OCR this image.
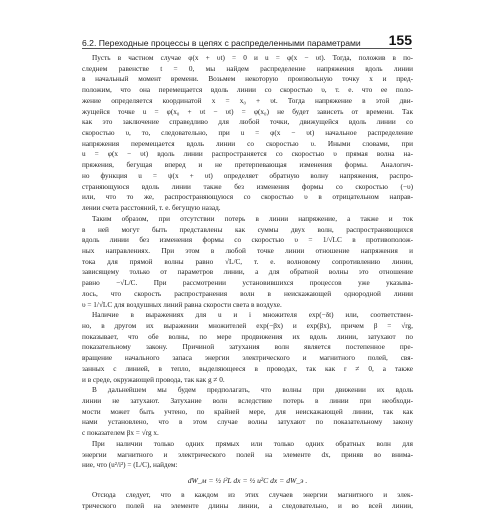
6.2. Переходные процессы в цепях с распределенными параметрами 155
Пусть в частном случае φ(x + υt) = 0 и u = φ(x − υt). Тогда, положив в по-
следнем равенстве t = 0, мы найдем распределение напряжения вдоль линии
в начальный момент времени. Возьмем некоторую произвольную точку x и пред-
положим, что она перемещается вдоль линии со скоростью υ, т. е. что ее поло-
жение определяется координатой x = x₀ + υt. Тогда напряжение в этой дви-
жущейся точке u = φ(x₀ + υt − υt) = φ(x₀) не будет зависеть от времени. Так
как это заключение справедливо для любой точки, движущейся вдоль линии со
скоростью υ, то, следовательно, при u = φ(x − υt) начальное распределение
напряжения перемещается вдоль линии со скоростью υ. Иными словами, при
u = φ(x − υt) вдоль линии распространяется со скоростью υ прямая волна на-
пряжения, бегущая вперед и не претерпевающая изменения формы. Аналогич-
но функция u = ψ(x + υt) определяет обратную волну напряжения, распро-
страняющуюся вдоль линии также без изменения формы со скоростью (−υ)
или, что то же, распространяющуюся со скоростью υ в отрицательном направ-
лении счета расстояний, т. е. бегущую назад.
Таким образом, при отсутствии потерь в линии напряжение, а также и ток
в ней могут быть представлены как суммы двух волн, распространяющихся
вдоль линии без изменения формы со скоростью υ = 1/√LC в противополож-
ных направлениях. При этом в любой точке линии отношение напряжения и
тока для прямой волны равно √L/C, т. е. волновому сопротивлению линии,
зависящему только от параметров линии, а для обратной волны это отношение
равно −√L/C. При рассмотрении установившихся процессов уже указыва-
лось, что скорость распространения волн в неискажающей однородной линии
υ = 1/√LC для воздушных линий равна скорости света в воздухе.
Наличие в выражениях для u и i множителя exp(−δt) или, соответствен-
но, в другом их выражении множителей exp(−βx) и exp(βx), причем β = √rg,
показывает, что обе волны, по мере продвижения их вдоль линии, затухают по
показательному закону. Причиной затухания волн является постепенное пре-
вращение начального запаса энергии электрического и магнитного полей, свя-
занных с линией, в тепло, выделяющееся в проводах, так как r ≠ 0, а также
и в среде, окружающей провода, так как g ≠ 0.
В дальнейшем мы будем предполагать, что волны при движении их вдоль
линии не затухают. Затухание волн вследствие потерь в линии при необходи-
мости может быть учтено, по крайней мере, для неискажающей линии, так как
нами установлено, что в этом случае волны затухают по показательному закону
с показателем βx = √rg x.
При наличии только одних прямых или только одних обратных волн для
энергии магнитного и электрического полей на элементе dx, приняв во внима-
ние, что (u²/i²) = (L/C), найдем:
dW_м = ½ i²L dx = ½ u²C dx = dW_э .
Отсюда следует, что в каждом из этих случаев энергии магнитного и элек-
трического полей на элементе длины линии, а следовательно, и во всей линии,
